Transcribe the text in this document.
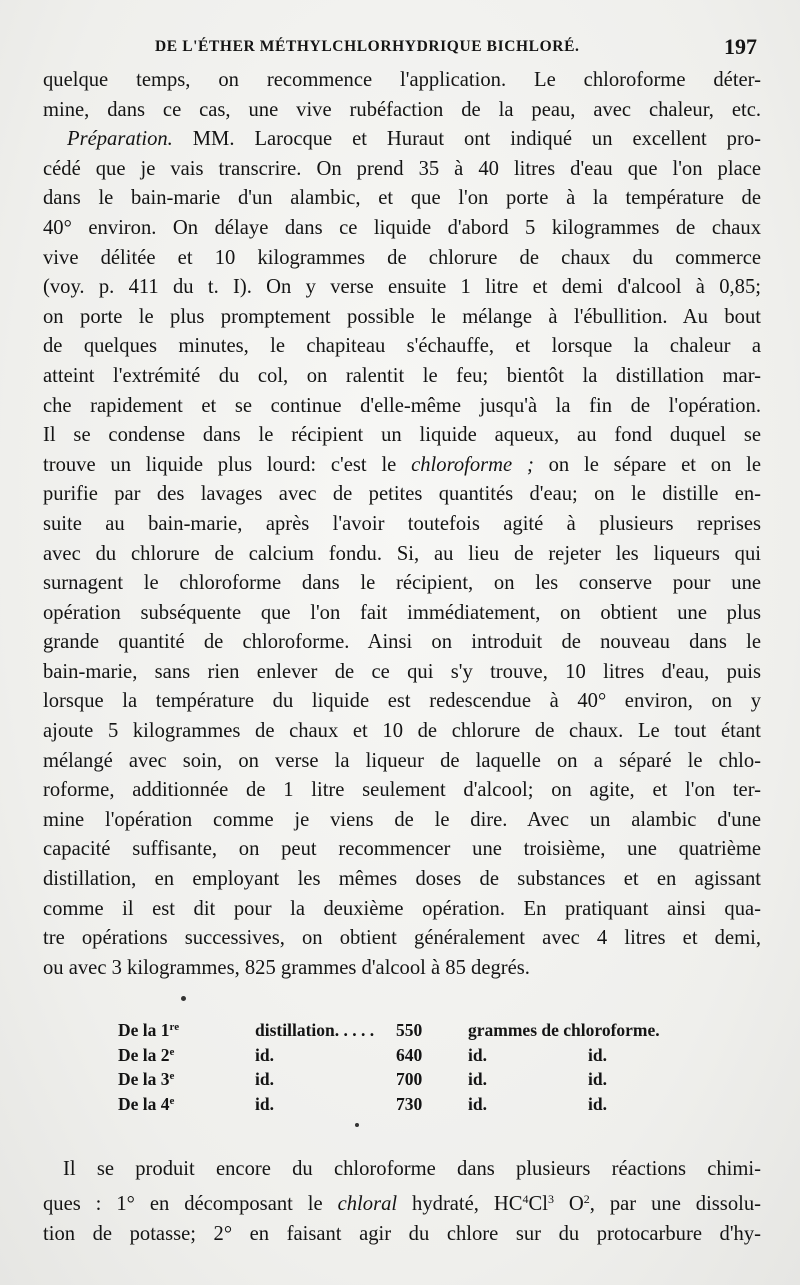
DE L'ÉTHER MÉTHYLCHLORHYDRIQUE BICHLORÉ.	197
quelque temps, on recommence l'application. Le chloroforme déter-
mine, dans ce cas, une vive rubéfaction de la peau, avec chaleur, etc.
Préparation. MM. Larocque et Huraut ont indiqué un excellent pro-
cédé que je vais transcrire. On prend 35 à 40 litres d'eau que l'on place
dans le bain-marie d'un alambic, et que l'on porte à la température de
40° environ. On délaye dans ce liquide d'abord 5 kilogrammes de chaux
vive délitée et 10 kilogrammes de chlorure de chaux du commerce
(voy. p. 411 du t. I). On y verse ensuite 1 litre et demi d'alcool à 0,85;
on porte le plus promptement possible le mélange à l'ébullition. Au bout
de quelques minutes, le chapiteau s'échauffe, et lorsque la chaleur a
atteint l'extrémité du col, on ralentit le feu; bientôt la distillation mar-
che rapidement et se continue d'elle-même jusqu'à la fin de l'opération.
Il se condense dans le récipient un liquide aqueux, au fond duquel se
trouve un liquide plus lourd: c'est le chloroforme ; on le sépare et on le
purifie par des lavages avec de petites quantités d'eau; on le distille en-
suite au bain-marie, après l'avoir toutefois agité à plusieurs reprises
avec du chlorure de calcium fondu. Si, au lieu de rejeter les liqueurs qui
surnagent le chloroforme dans le récipient, on les conserve pour une
opération subséquente que l'on fait immédiatement, on obtient une plus
grande quantité de chloroforme. Ainsi on introduit de nouveau dans le
bain-marie, sans rien enlever de ce qui s'y trouve, 10 litres d'eau, puis
lorsque la température du liquide est redescendue à 40° environ, on y
ajoute 5 kilogrammes de chaux et 10 de chlorure de chaux. Le tout étant
mélangé avec soin, on verse la liqueur de laquelle on a séparé le chlo-
roforme, additionnée de 1 litre seulement d'alcool; on agite, et l'on ter-
mine l'opération comme je viens de le dire. Avec un alambic d'une
capacité suffisante, on peut recommencer une troisième, une quatrième
distillation, en employant les mêmes doses de substances et en agissant
comme il est dit pour la deuxième opération. En pratiquant ainsi qua-
tre opérations successives, on obtient généralement avec 4 litres et demi,
ou avec 3 kilogrammes, 825 grammes d'alcool à 85 degrés.
De la 1re	distillation. . . . . 550	grammes de chloroforme.
De la 2e	id.	640	id.	id.
De la 3e	id.	700	id.	id.
De la 4e	id.	730	id.	id.
Il se produit encore du chloroforme dans plusieurs réactions chimi-
ques : 1° en décomposant le chloral hydraté, $HC^4Cl^3$ $O^2$, par une dissolu-
tion de potasse; 2° en faisant agir du chlore sur du protocarbure d'hy-
